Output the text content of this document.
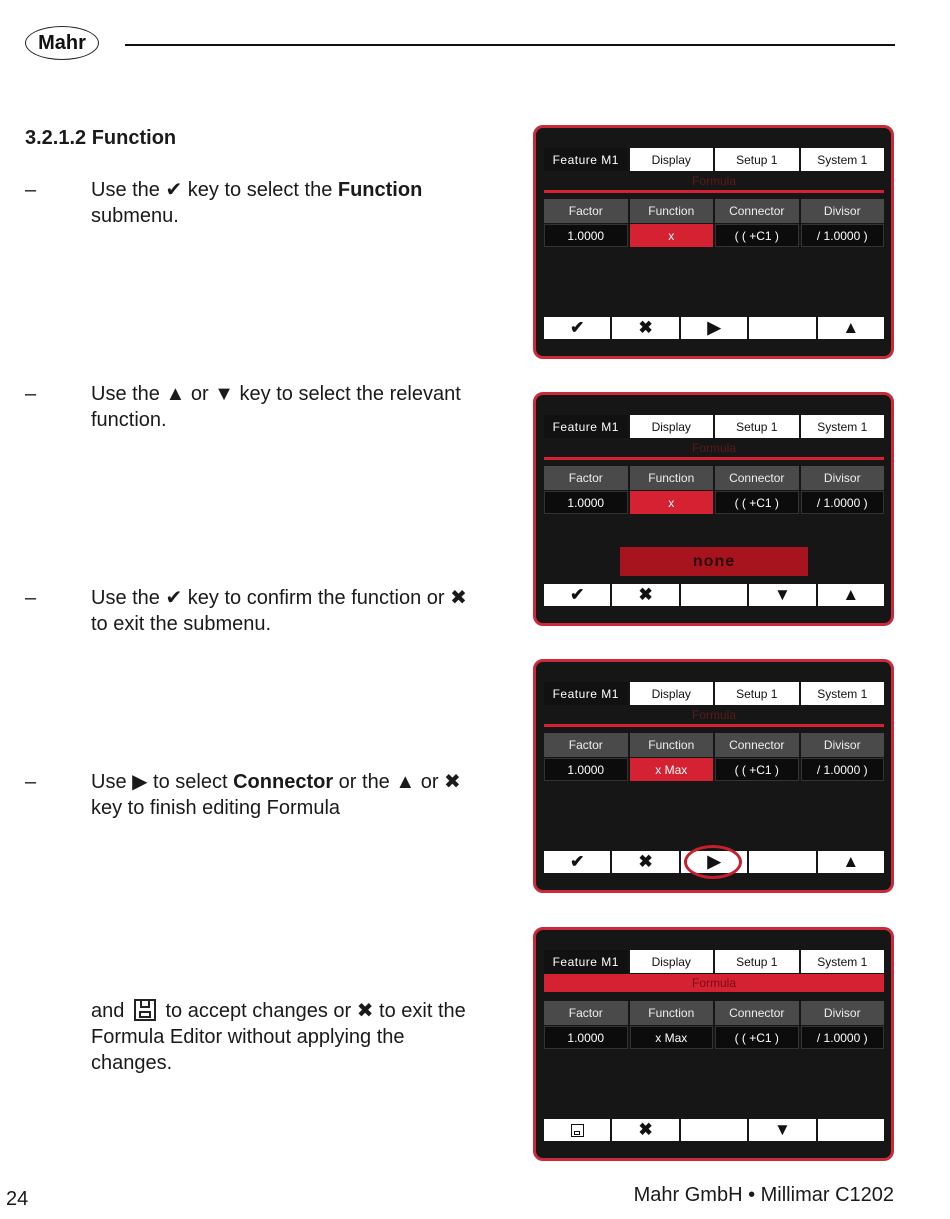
Mahr
3.2.1.2 Function
–	Use the ✔ key to select the Function submenu.
–	Use the ▲ or ▼ key to select the relevant function.
–	Use the ✔ key to confirm the function or ✖ to exit the submenu.
–	Use ▶ to select Connector or the ▲ or ✖ key to finish editing Formula
and  to accept changes or ✖ to exit the Formula Editor without applying the changes.
Feature M1	Display	Setup 1	System 1
Formula
Factor	Function	Connector	Divisor
1.0000	x	( ( +C1 )	/ 1.0000 )
✔	✖	▶	▲
Feature M1	Display	Setup 1	System 1
Formula
Factor	Function	Connector	Divisor
1.0000	x	( ( +C1 )	/ 1.0000 )
none
✔	✖	▼	▲
Feature M1	Display	Setup 1	System 1
Formula
Factor	Function	Connector	Divisor
1.0000	x Max	( ( +C1 )	/ 1.0000 )
✔	✖	▶	▲
Feature M1	Display	Setup 1	System 1
Formula
Factor	Function	Connector	Divisor
1.0000	x Max	( ( +C1 )	/ 1.0000 )
✖	▼
24	Mahr GmbH • Millimar C1202
